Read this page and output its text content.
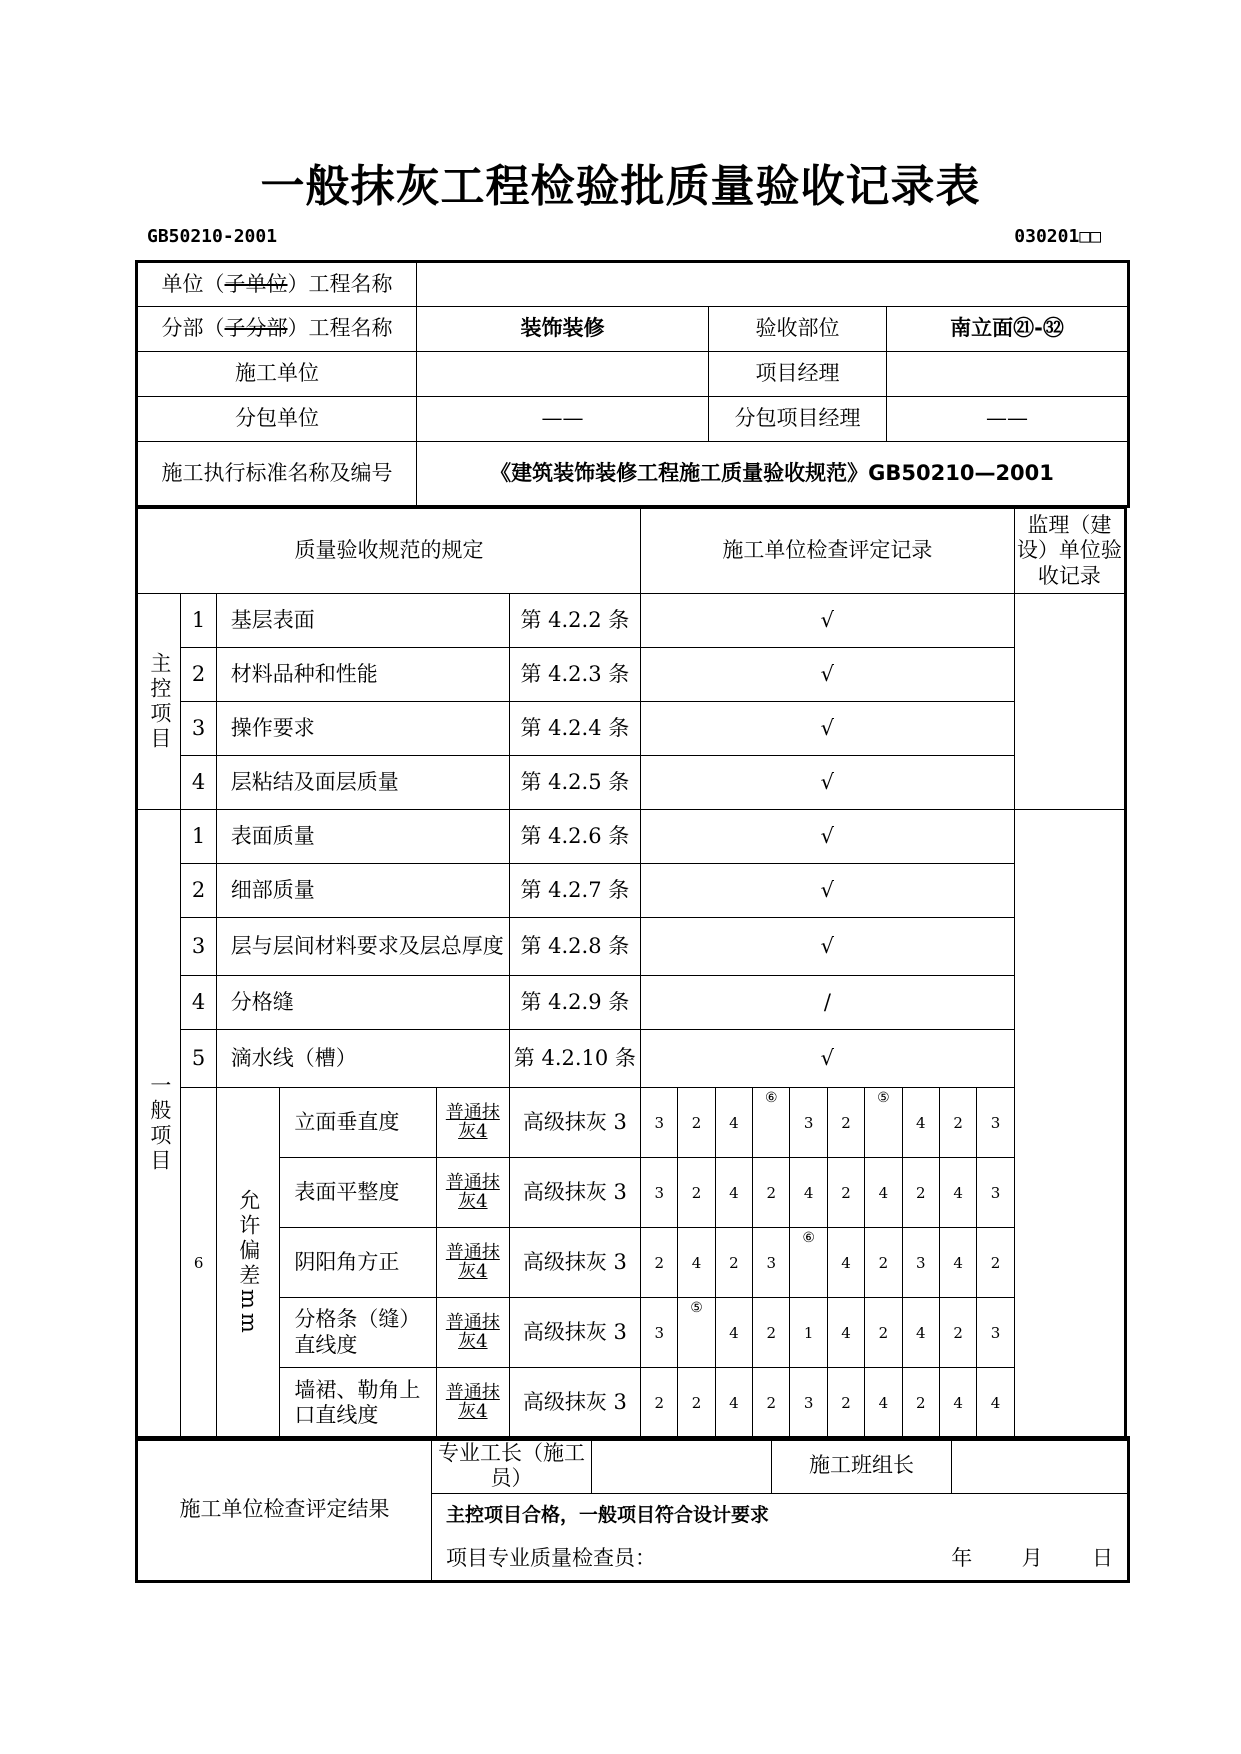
一般抹灰工程检验批质量验收记录表
GB50210-2001	030201□□
单位（子单位）工程名称			
分部（子分部）工程名称	装饰装修	验收部位	南立面㉑-㉜
施工单位		项目经理	
分包单位	——	分包项目经理	——
施工执行标准名称及编号	《建筑装饰装修工程施工质量验收规范》GB50210—2001		
质量验收规范的规定						施工单位检查评定记录										监理（建设）单位验收记录
主控项目	1	基层表面			第 4.2.2 条	√										
	2	材料品种和性能			第 4.2.3 条	√										
	3	操作要求			第 4.2.4 条	√										
	4	层粘结及面层质量			第 4.2.5 条	√										
一般项目	1	表面质量			第 4.2.6 条	√										
	2	细部质量			第 4.2.7 条	√										
	3	层与层间材料要求及层总厚度			第 4.2.8 条	√										
	4	分格缝			第 4.2.9 条	/										
	5	滴水线（槽）			第 4.2.10 条	√										
	6	允许偏差mm	立面垂直度	普通抹灰4	高级抹灰 3	3	2	4	⑥	3	2	⑤	4	2	3	
			表面平整度	普通抹灰4	高级抹灰 3	3	2	4	2	4	2	4	2	4	3	
			阴阳角方正	普通抹灰4	高级抹灰 3	2	4	2	3	⑥	4	2	3	4	2	
			分格条（缝）直线度	普通抹灰4	高级抹灰 3	3	⑤	4	2	1	4	2	4	2	3	
			墙裙、勒角上口直线度	普通抹灰4	高级抹灰 3	2	2	4	2	3	2	4	2	4	4	
施工单位检查评定结果	专业工长（施工员）		施工班组长	
主控项目合格，一般项目符合设计要求

项目专业质量检查员：	年 月 日
